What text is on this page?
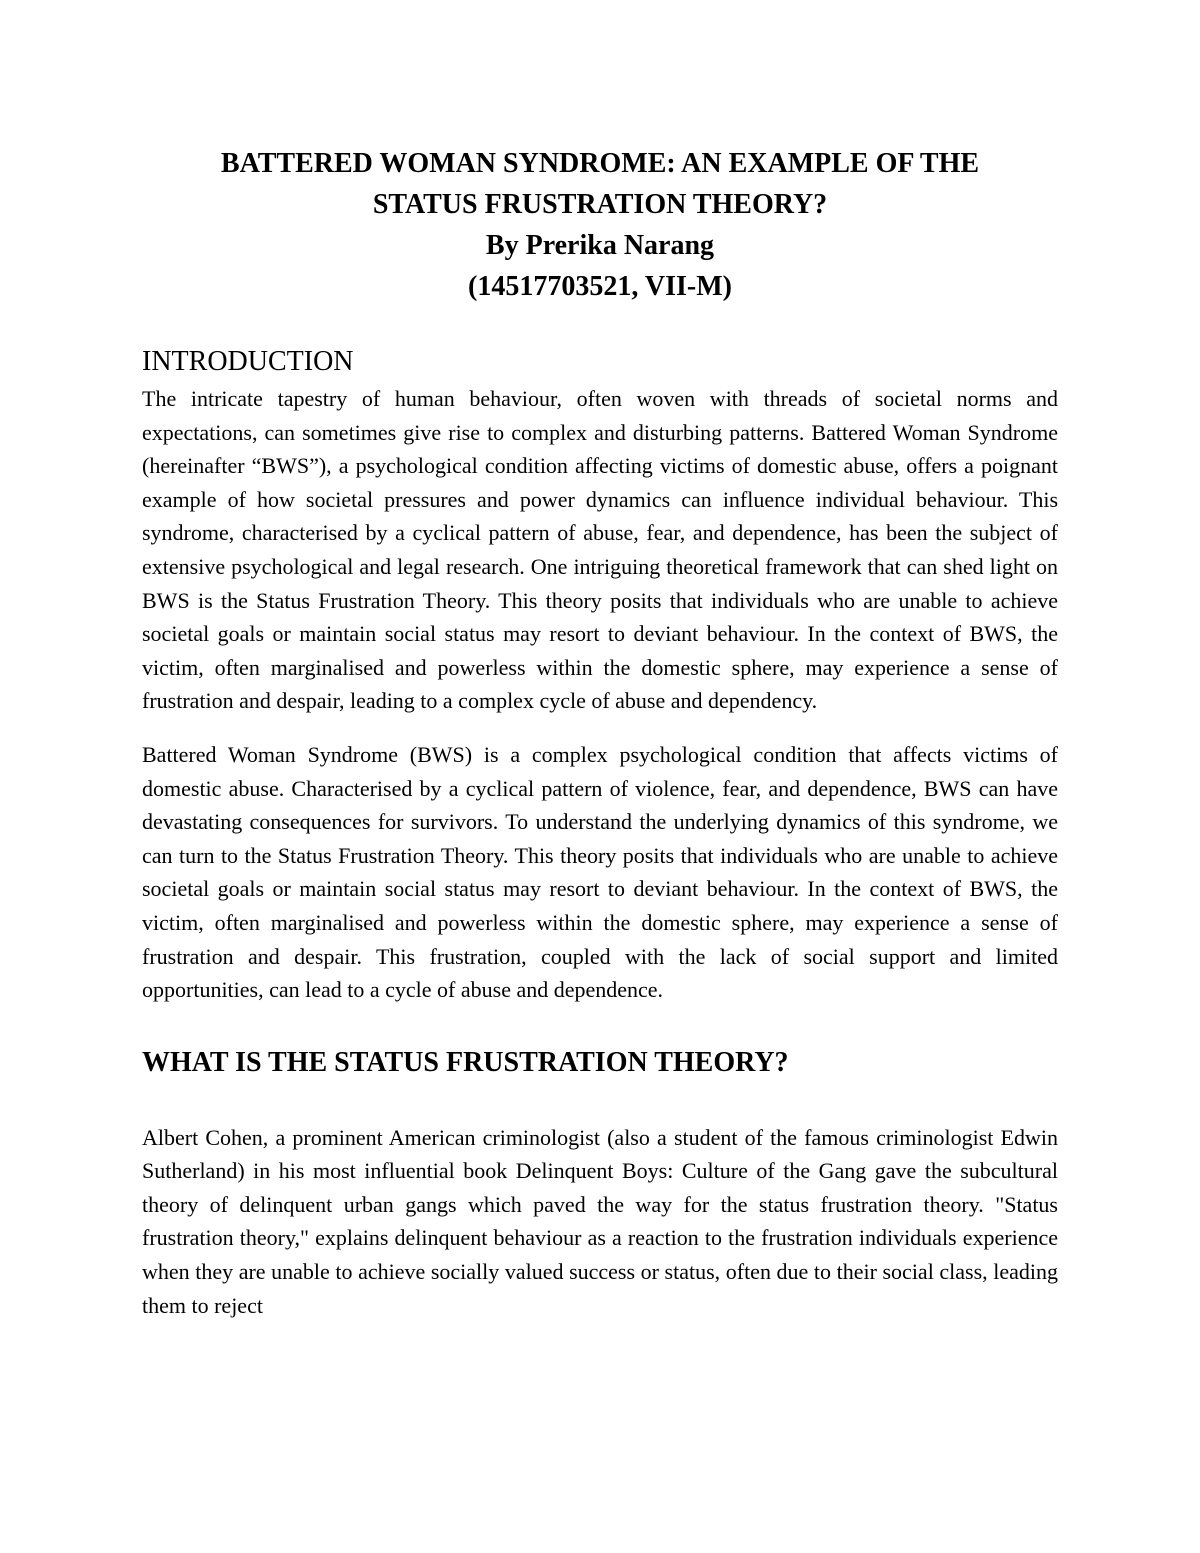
BATTERED WOMAN SYNDROME: AN EXAMPLE OF THE
STATUS FRUSTRATION THEORY?
By Prerika Narang
(14517703521, VII-M)
INTRODUCTION

The intricate tapestry of human behaviour, often woven with threads of societal norms and expectations, can sometimes give rise to complex and disturbing patterns. Battered Woman Syndrome (hereinafter “BWS”), a psychological condition affecting victims of domestic abuse, offers a poignant example of how societal pressures and power dynamics can influence individual behaviour. This syndrome, characterised by a cyclical pattern of abuse, fear, and dependence, has been the subject of extensive psychological and legal research. One intriguing theoretical framework that can shed light on BWS is the Status Frustration Theory. This theory posits that individuals who are unable to achieve societal goals or maintain social status may resort to deviant behaviour. In the context of BWS, the victim, often marginalised and powerless within the domestic sphere, may experience a sense of frustration and despair, leading to a complex cycle of abuse and dependency.

Battered Woman Syndrome (BWS) is a complex psychological condition that affects victims of domestic abuse. Characterised by a cyclical pattern of violence, fear, and dependence, BWS can have devastating consequences for survivors. To understand the underlying dynamics of this syndrome, we can turn to the Status Frustration Theory. This theory posits that individuals who are unable to achieve societal goals or maintain social status may resort to deviant behaviour. In the context of BWS, the victim, often marginalised and powerless within the domestic sphere, may experience a sense of frustration and despair. This frustration, coupled with the lack of social support and limited opportunities, can lead to a cycle of abuse and dependence.

WHAT IS THE STATUS FRUSTRATION THEORY?

Albert Cohen, a prominent American criminologist (also a student of the famous criminologist Edwin Sutherland) in his most influential book Delinquent Boys: Culture of the Gang gave the subcultural theory of delinquent urban gangs which paved the way for the status frustration theory. "Status frustration theory," explains delinquent behaviour as a reaction to the frustration individuals experience when they are unable to achieve socially valued success or status, often due to their social class, leading them to reject
